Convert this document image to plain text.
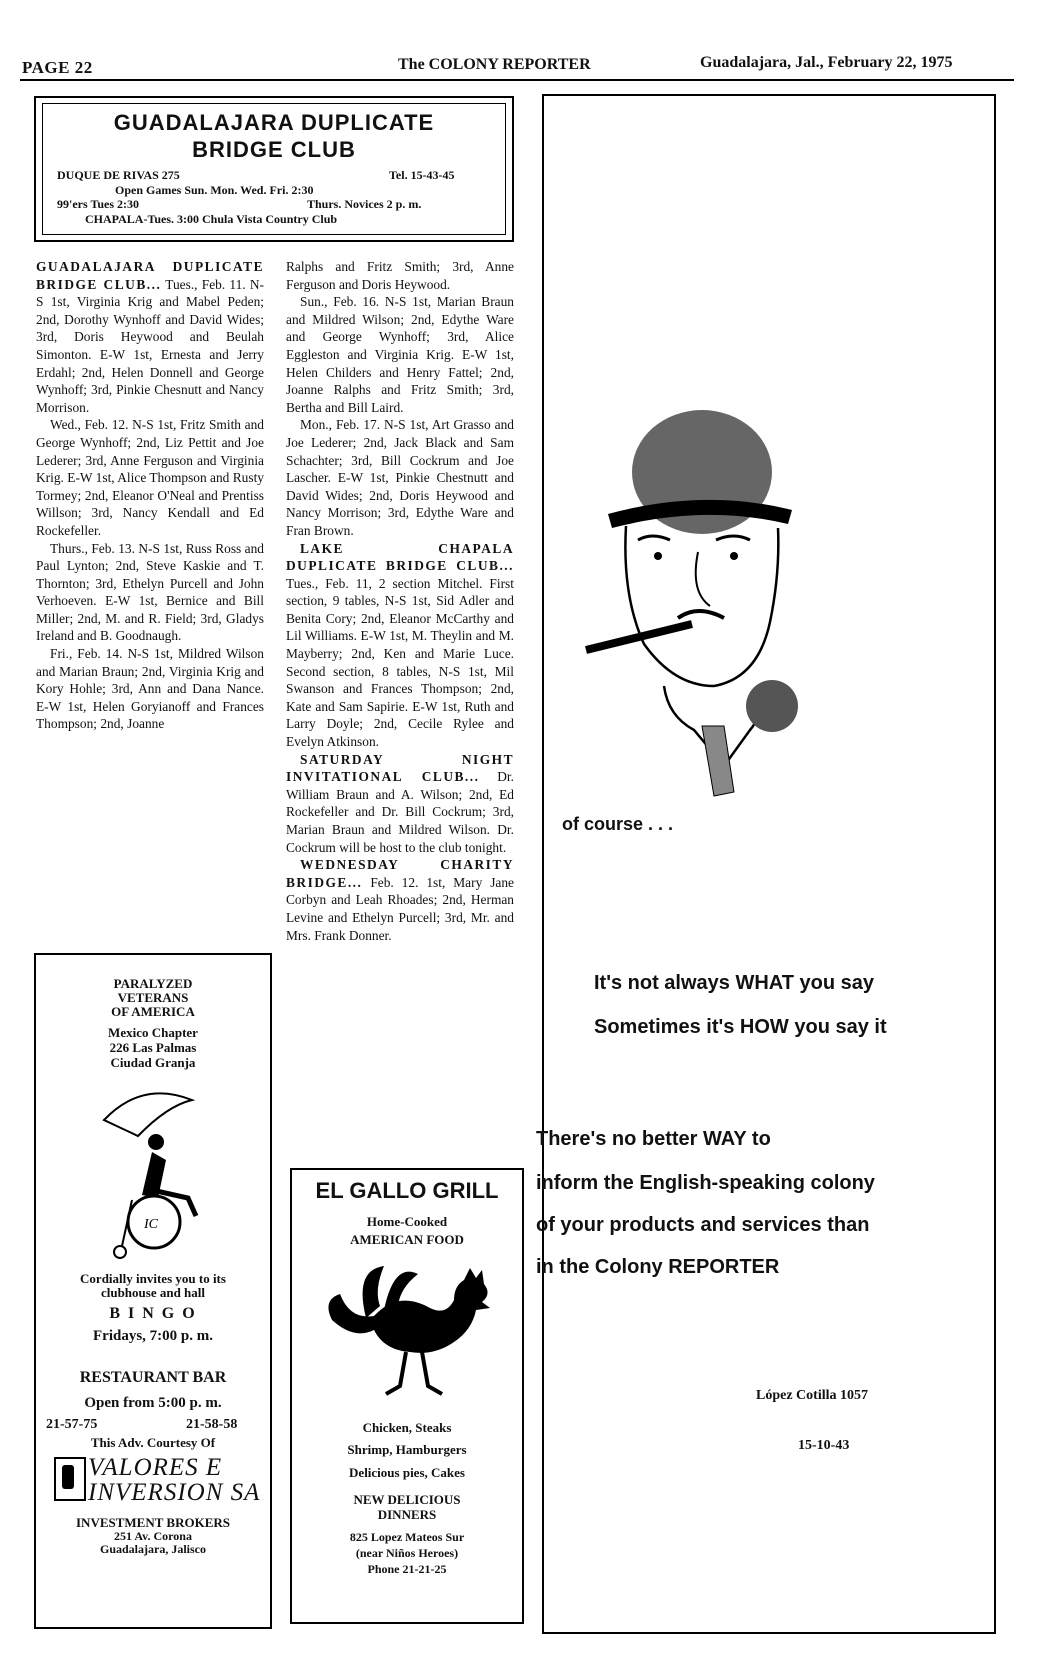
PAGE 22	The COLONY REPORTER	Guadalajara, Jal., February 22, 1975
GUADALAJARA DUPLICATE
BRIDGE CLUB
DUQUE DE RIVAS 275	Tel. 15-43-45
Open Games Sun. Mon. Wed. Fri. 2:30
99'ers Tues 2:30	Thurs. Novices 2 p. m.
CHAPALA-Tues. 3:00 Chula Vista Country Club

GUADALAJARA DUPLICATE BRIDGE CLUB... Tues., Feb. 11. N-S 1st, Virginia Krig and Mabel Peden; 2nd, Dorothy Wynhoff and David Wides; 3rd, Doris Heywood and Beulah Simonton. E-W 1st, Ernesta and Jerry Erdahl; 2nd, Helen Donnell and George Wynhoff; 3rd, Pinkie Chesnutt and Nancy Morrison.

Wed., Feb. 12. N-S 1st, Fritz Smith and George Wynhoff; 2nd, Liz Pettit and Joe Lederer; 3rd, Anne Ferguson and Virginia Krig. E-W 1st, Alice Thompson and Rusty Tormey; 2nd, Eleanor O'Neal and Prentiss Willson; 3rd, Nancy Kendall and Ed Rockefeller.

Thurs., Feb. 13. N-S 1st, Russ Ross and Paul Lynton; 2nd, Steve Kaskie and T. Thornton; 3rd, Ethelyn Purcell and John Verhoeven. E-W 1st, Bernice and Bill Miller; 2nd, M. and R. Field; 3rd, Gladys Ireland and B. Goodnaugh.

Fri., Feb. 14. N-S 1st, Mildred Wilson and Marian Braun; 2nd, Virginia Krig and Kory Hohle; 3rd, Ann and Dana Nance. E-W 1st, Helen Goryianoff and Frances Thompson; 2nd, Joanne

Ralphs and Fritz Smith; 3rd, Anne Ferguson and Doris Heywood.

Sun., Feb. 16. N-S 1st, Marian Braun and Mildred Wilson; 2nd, Edythe Ware and George Wynhoff; 3rd, Alice Eggleston and Virginia Krig. E-W 1st, Helen Childers and Henry Fattel; 2nd, Joanne Ralphs and Fritz Smith; 3rd, Bertha and Bill Laird.

Mon., Feb. 17. N-S 1st, Art Grasso and Joe Lederer; 2nd, Jack Black and Sam Schachter; 3rd, Bill Cockrum and Joe Lascher. E-W 1st, Pinkie Chestnutt and David Wides; 2nd, Doris Heywood and Nancy Morrison; 3rd, Edythe Ware and Fran Brown.

LAKE CHAPALA DUPLICATE BRIDGE CLUB... Tues., Feb. 11, 2 section Mitchel. First section, 9 tables, N-S 1st, Sid Adler and Benita Cory; 2nd, Eleanor McCarthy and Lil Williams. E-W 1st, M. Theylin and M. Mayberry; 2nd, Ken and Marie Luce. Second section, 8 tables, N-S 1st, Mil Swanson and Frances Thompson; 2nd, Kate and Sam Sapirie. E-W 1st, Ruth and Larry Doyle; 2nd, Cecile Rylee and Evelyn Atkinson.

SATURDAY NIGHT INVITATIONAL CLUB... Dr. William Braun and A. Wilson; 2nd, Ed Rockefeller and Dr. Bill Cockrum; 3rd, Marian Braun and Mildred Wilson. Dr. Cockrum will be host to the club tonight.

WEDNESDAY CHARITY BRIDGE... Feb. 12. 1st, Mary Jane Corbyn and Leah Rhoades; 2nd, Herman Levine and Ethelyn Purcell; 3rd, Mr. and Mrs. Frank Donner.

PARALYZED
VETERANS
OF AMERICA
Mexico Chapter
226 Las Palmas
Ciudad Granja
IC
Cordially invites you to its
clubhouse and hall
B I N G O
Fridays, 7:00 p. m.
RESTAURANT BAR
Open from 5:00 p. m.
21-57-75	21-58-58
This Adv. Courtesy Of
VALORES E INVERSION SA
INVESTMENT BROKERS
251 Av. Corona
Guadalajara, Jalisco
EL GALLO GRILL
Home-Cooked
AMERICAN FOOD
Chicken, Steaks
Shrimp, Hamburgers
Delicious pies, Cakes
NEW DELICIOUS
DINNERS
825 Lopez Mateos Sur
(near Niños Heroes)
Phone 21-21-25
of course . . .
It's not always WHAT you say
Sometimes it's HOW you say it
There's no better WAY to
inform the English-speaking colony
of your products and services than
in the Colony REPORTER
López Cotilla 1057
15-10-43
